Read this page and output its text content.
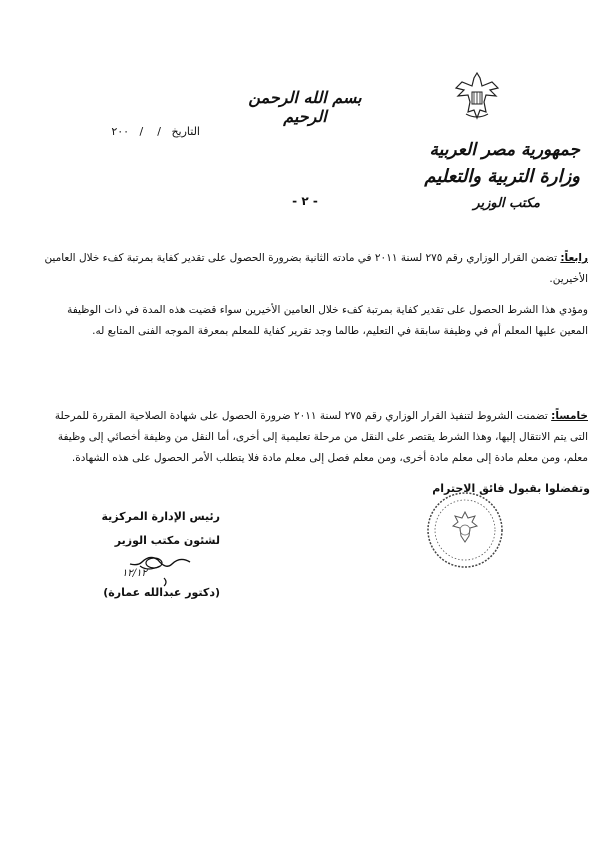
بسم الله الرحمن الرحيم
التاريخ   /    /   ٢٠٠
جمهورية مصر العربية
وزارة التربية والتعليم
مكتب الوزير
- ٢ -
رابعاً: تضمن القرار الوزاري رقم ٢٧٥ لسنة ٢٠١١ في مادته الثانية بضرورة الحصول على تقدير كفاية بمرتبة كفء خلال العامين الأخيرين.
ومؤدي هذا الشرط الحصول على تقدير كفاية بمرتبة كفء خلال العامين الأخيرين سواء قضيت هذه المدة في ذات الوظيفة المعين عليها المعلم أم في وظيفة سابقة في التعليم، طالما وجد تقرير كفاية للمعلم بمعرفة الموجه الفنى المتابع له.
خامساً: تضمنت الشروط لتنفيذ القرار الوزاري رقم ٢٧٥ لسنة ٢٠١١ ضرورة الحصول على شهادة الصلاحية المقررة للمرحلة التى يتم الانتقال إليها، وهذا الشرط يقتصر على النقل من مرحلة تعليمية إلى أخرى، أما النقل من وظيفة أخصائي إلى وظيفة معلم، ومن معلم مادة إلى معلم مادة أخرى، ومن معلم فصل إلى معلم مادة فلا يتطلب الأمر الحصول على هذه الشهادة.
وتفضلوا بقبول فائق الاحترام
رئيس الإدارة المركزية
لشئون مكتب الوزير
(دكتور عبدالله عمارة)
١٢/١٢
